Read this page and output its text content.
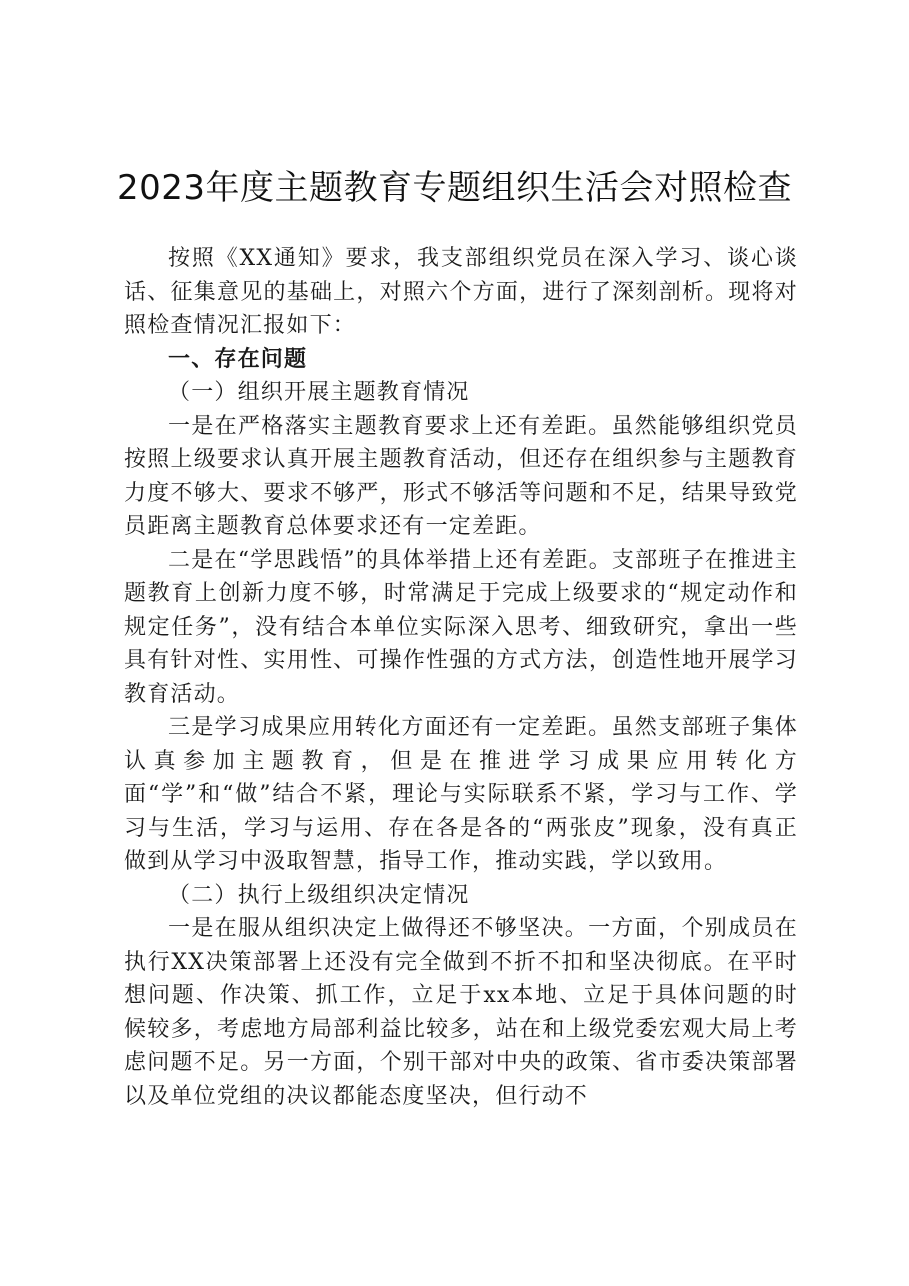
2023年度主题教育专题组织生活会对照检查

按照《XX通知》要求，我支部组织党员在深入学习、谈心谈话、征集意见的基础上，对照六个方面，进行了深刻剖析。现将对照检查情况汇报如下：

一、存在问题

（一）组织开展主题教育情况

一是在严格落实主题教育要求上还有差距。虽然能够组织党员按照上级要求认真开展主题教育活动，但还存在组织参与主题教育力度不够大、要求不够严，形式不够活等问题和不足，结果导致党员距离主题教育总体要求还有一定差距。

二是在“学思践悟”的具体举措上还有差距。支部班子在推进主题教育上创新力度不够，时常满足于完成上级要求的“规定动作和规定任务”，没有结合本单位实际深入思考、细致研究，拿出一些具有针对性、实用性、可操作性强的方式方法，创造性地开展学习教育活动。

三是学习成果应用转化方面还有一定差距。虽然支部班子集体认真参加主题教育，但是在推进学习成果应用转化方面“学”和“做”结合不紧，理论与实际联系不紧，学习与工作、学习与生活，学习与运用、存在各是各的“两张皮”现象，没有真正做到从学习中汲取智慧，指导工作，推动实践，学以致用。

（二）执行上级组织决定情况

一是在服从组织决定上做得还不够坚决。一方面，个别成员在执行XX决策部署上还没有完全做到不折不扣和坚决彻底。在平时想问题、作决策、抓工作，立足于xx本地、立足于具体问题的时候较多，考虑地方局部利益比较多，站在和上级党委宏观大局上考虑问题不足。另一方面，个别干部对中央的政策、省市委决策部署以及单位党组的决议都能态度坚决，但行动不
